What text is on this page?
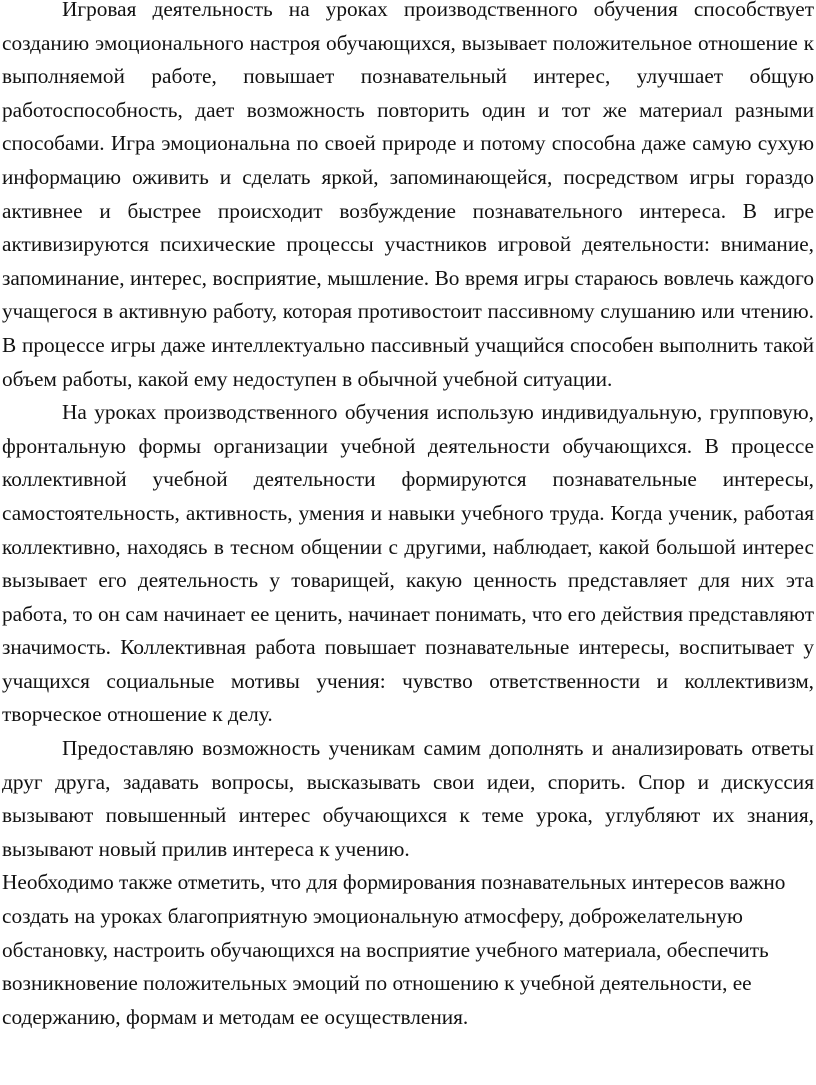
Игровая деятельность на уроках производственного обучения способствует созданию эмоционального настроя обучающихся, вызывает положительное отношение к выполняемой работе, повышает познавательный интерес, улучшает общую работоспособность, дает возможность повторить один и тот же материал разными способами. Игра эмоциональна по своей природе и потому способна даже самую сухую информацию оживить и сделать яркой, запоминающейся, посредством игры гораздо активнее и быстрее происходит возбуждение познавательного интереса. В игре активизируются психические процессы участников игровой деятельности: внимание, запоминание, интерес, восприятие, мышление. Во время игры стараюсь вовлечь каждого учащегося в активную работу, которая противостоит пассивному слушанию или чтению. В процессе игры даже интеллектуально пассивный учащийся способен выполнить такой объем работы, какой ему недоступен в обычной учебной ситуации.

На уроках производственного обучения использую индивидуальную, групповую, фронтальную формы организации учебной деятельности обучающихся. В процессе коллективной учебной деятельности формируются познавательные интересы, самостоятельность, активность, умения и навыки учебного труда. Когда ученик, работая коллективно, находясь в тесном общении с другими, наблюдает, какой большой интерес вызывает его деятельность у товарищей, какую ценность представляет для них эта работа, то он сам начинает ее ценить, начинает понимать, что его действия представляют значимость. Коллективная работа повышает познавательные интересы, воспитывает у учащихся социальные мотивы учения: чувство ответственности и коллективизм, творческое отношение к делу.

Предоставляю возможность ученикам самим дополнять и анализировать ответы друг друга, задавать вопросы, высказывать свои идеи, спорить. Спор и дискуссия вызывают повышенный интерес обучающихся к теме урока, углубляют их знания, вызывают новый прилив интереса к учению.

Необходимо также отметить, что для формирования познавательных интересов важно создать на уроках благоприятную эмоциональную атмосферу, доброжелательную обстановку, настроить обучающихся на восприятие учебного материала, обеспечить возникновение положительных эмоций по отношению к учебной деятельности, ее содержанию, формам и методам ее осуществления.
